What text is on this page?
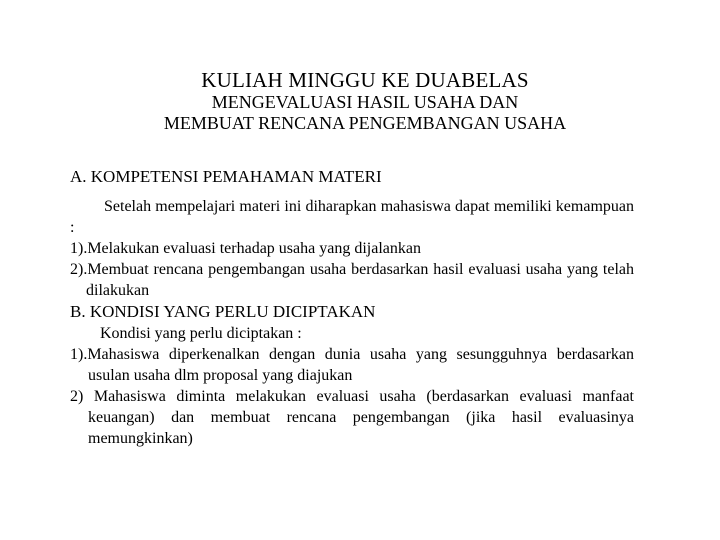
KULIAH MINGGU KE DUABELAS

MENGEVALUASI HASIL USAHA DAN

MEMBUAT RENCANA PENGEMBANGAN USAHA

A. KOMPETENSI PEMAHAMAN MATERI

Setelah mempelajari materi ini diharapkan mahasiswa dapat memiliki kemampuan :

1).Melakukan evaluasi terhadap usaha yang dijalankan

2).Membuat rencana pengembangan usaha berdasarkan hasil evaluasi usaha yang telah dilakukan

B. KONDISI YANG PERLU DICIPTAKAN

Kondisi yang perlu diciptakan :

1).Mahasiswa diperkenalkan dengan dunia usaha yang sesungguhnya berdasarkan usulan usaha dlm proposal yang diajukan

2) Mahasiswa diminta melakukan evaluasi usaha (berdasarkan evaluasi manfaat keuangan) dan membuat rencana pengembangan (jika hasil evaluasinya memungkinkan)
